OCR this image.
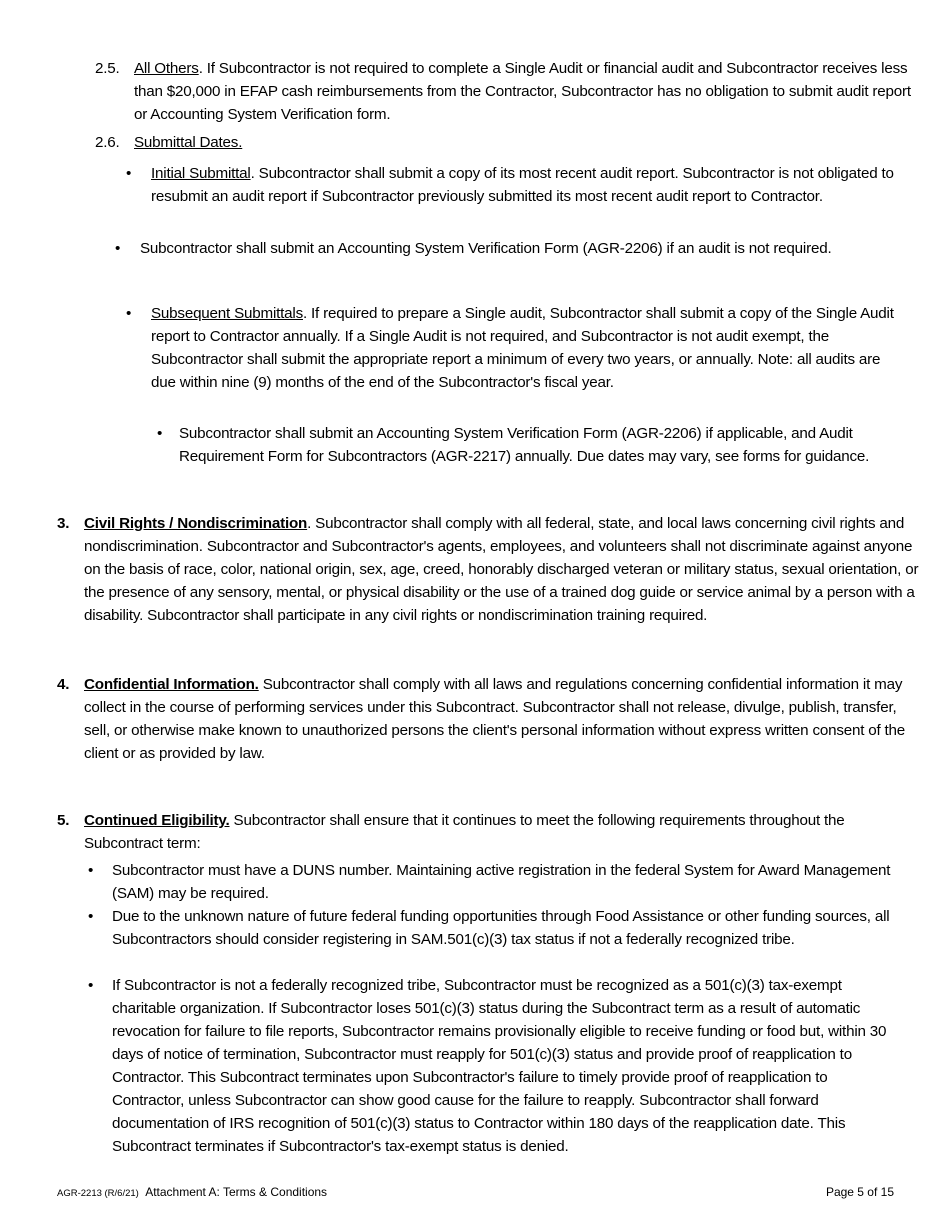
2.5. All Others. If Subcontractor is not required to complete a Single Audit or financial audit and Subcontractor receives less than $20,000 in EFAP cash reimbursements from the Contractor, Subcontractor has no obligation to submit audit report or Accounting System Verification form.
2.6. Submittal Dates.
• Initial Submittal. Subcontractor shall submit a copy of its most recent audit report. Subcontractor is not obligated to resubmit an audit report if Subcontractor previously submitted its most recent audit report to Contractor.
• Subcontractor shall submit an Accounting System Verification Form (AGR-2206) if an audit is not required.
• Subsequent Submittals. If required to prepare a Single audit, Subcontractor shall submit a copy of the Single Audit report to Contractor annually. If a Single Audit is not required, and Subcontractor is not audit exempt, the Subcontractor shall submit the appropriate report a minimum of every two years, or annually. Note: all audits are due within nine (9) months of the end of the Subcontractor's fiscal year.
• Subcontractor shall submit an Accounting System Verification Form (AGR-2206) if applicable, and Audit Requirement Form for Subcontractors (AGR-2217) annually. Due dates may vary, see forms for guidance.
3. Civil Rights / Nondiscrimination. Subcontractor shall comply with all federal, state, and local laws concerning civil rights and nondiscrimination. Subcontractor and Subcontractor's agents, employees, and volunteers shall not discriminate against anyone on the basis of race, color, national origin, sex, age, creed, honorably discharged veteran or military status, sexual orientation, or the presence of any sensory, mental, or physical disability or the use of a trained dog guide or service animal by a person with a disability. Subcontractor shall participate in any civil rights or nondiscrimination training required.
4. Confidential Information. Subcontractor shall comply with all laws and regulations concerning confidential information it may collect in the course of performing services under this Subcontract. Subcontractor shall not release, divulge, publish, transfer, sell, or otherwise make known to unauthorized persons the client's personal information without express written consent of the client or as provided by law.
5. Continued Eligibility. Subcontractor shall ensure that it continues to meet the following requirements throughout the Subcontract term:
• Subcontractor must have a DUNS number. Maintaining active registration in the federal System for Award Management (SAM) may be required.
• Due to the unknown nature of future federal funding opportunities through Food Assistance or other funding sources, all Subcontractors should consider registering in SAM.501(c)(3) tax status if not a federally recognized tribe.
• If Subcontractor is not a federally recognized tribe, Subcontractor must be recognized as a 501(c)(3) tax-exempt charitable organization. If Subcontractor loses 501(c)(3) status during the Subcontract term as a result of automatic revocation for failure to file reports, Subcontractor remains provisionally eligible to receive funding or food but, within 30 days of notice of termination, Subcontractor must reapply for 501(c)(3) status and provide proof of reapplication to Contractor. This Subcontract terminates upon Subcontractor's failure to timely provide proof of reapplication to Contractor, unless Subcontractor can show good cause for the failure to reapply. Subcontractor shall forward documentation of IRS recognition of 501(c)(3) status to Contractor within 180 days of the reapplication date. This Subcontract terminates if Subcontractor's tax-exempt status is denied.
AGR-2213 (R/6/21) Attachment A: Terms & Conditions	Page 5 of 15
